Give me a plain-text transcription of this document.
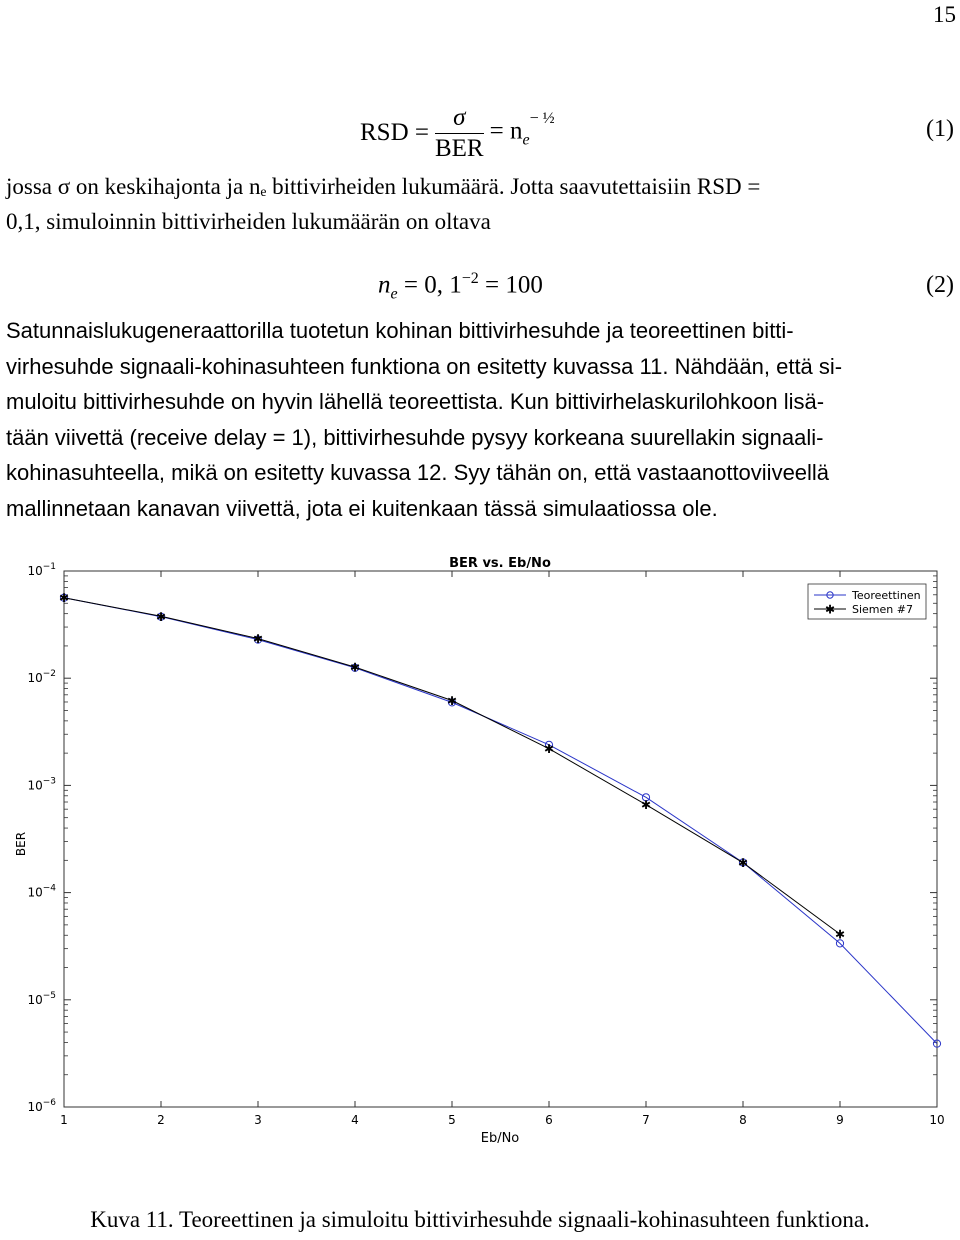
15
RSD = $\frac{\sigma}{\text{BER}} = n_e^{- \frac{1}{2}}$	(1)
jossa σ on keskihajonta ja nₑ bittivirheiden lukumäärä. Jotta saavutettaisiin RSD =
0,1, simuloinnin bittivirheiden lukumäärän on oltava
$n_e = 0$, $1^{-2} = 100$	(2)
Satunnaislukugeneraattorilla tuotetun kohinan bittivirhesuhde ja teoreettinen bitti-
virhesuhde signaali-kohinasuhteen funktiona on esitetty kuvassa 11. Nähdään, että si-
muloitu bittivirhesuhde on hyvin lähellä teoreettista. Kun bittivirhelaskurilohkoon lisä-
tään viivettä (receive delay = 1), bittivirhesuhde pysyy korkeana suurellakin signaali-
kohinasuhteella, mikä on esitetty kuvassa 12. Syy tähän on, että vastaanottoviiveellä
mallinnetaan kanavan viivettä, jota ei kuitenkaan tässä simulaatiossa ole.
BER vs. Eb/No
1	2	3	4	5	6	7	8	9	10
$10^{-1}$
$10^{-2}$
$10^{-3}$
$10^{-4}$
$10^{-5}$
$10^{-6}$
✱
✱
✱
✱
✱
✱
✱
✱
✱
Eb/No
BER
Teoreettinen
✱ Siemen #7
Kuva 11. Teoreettinen ja simuloitu bittivirhesuhde signaali-kohinasuhteen funktiona.
